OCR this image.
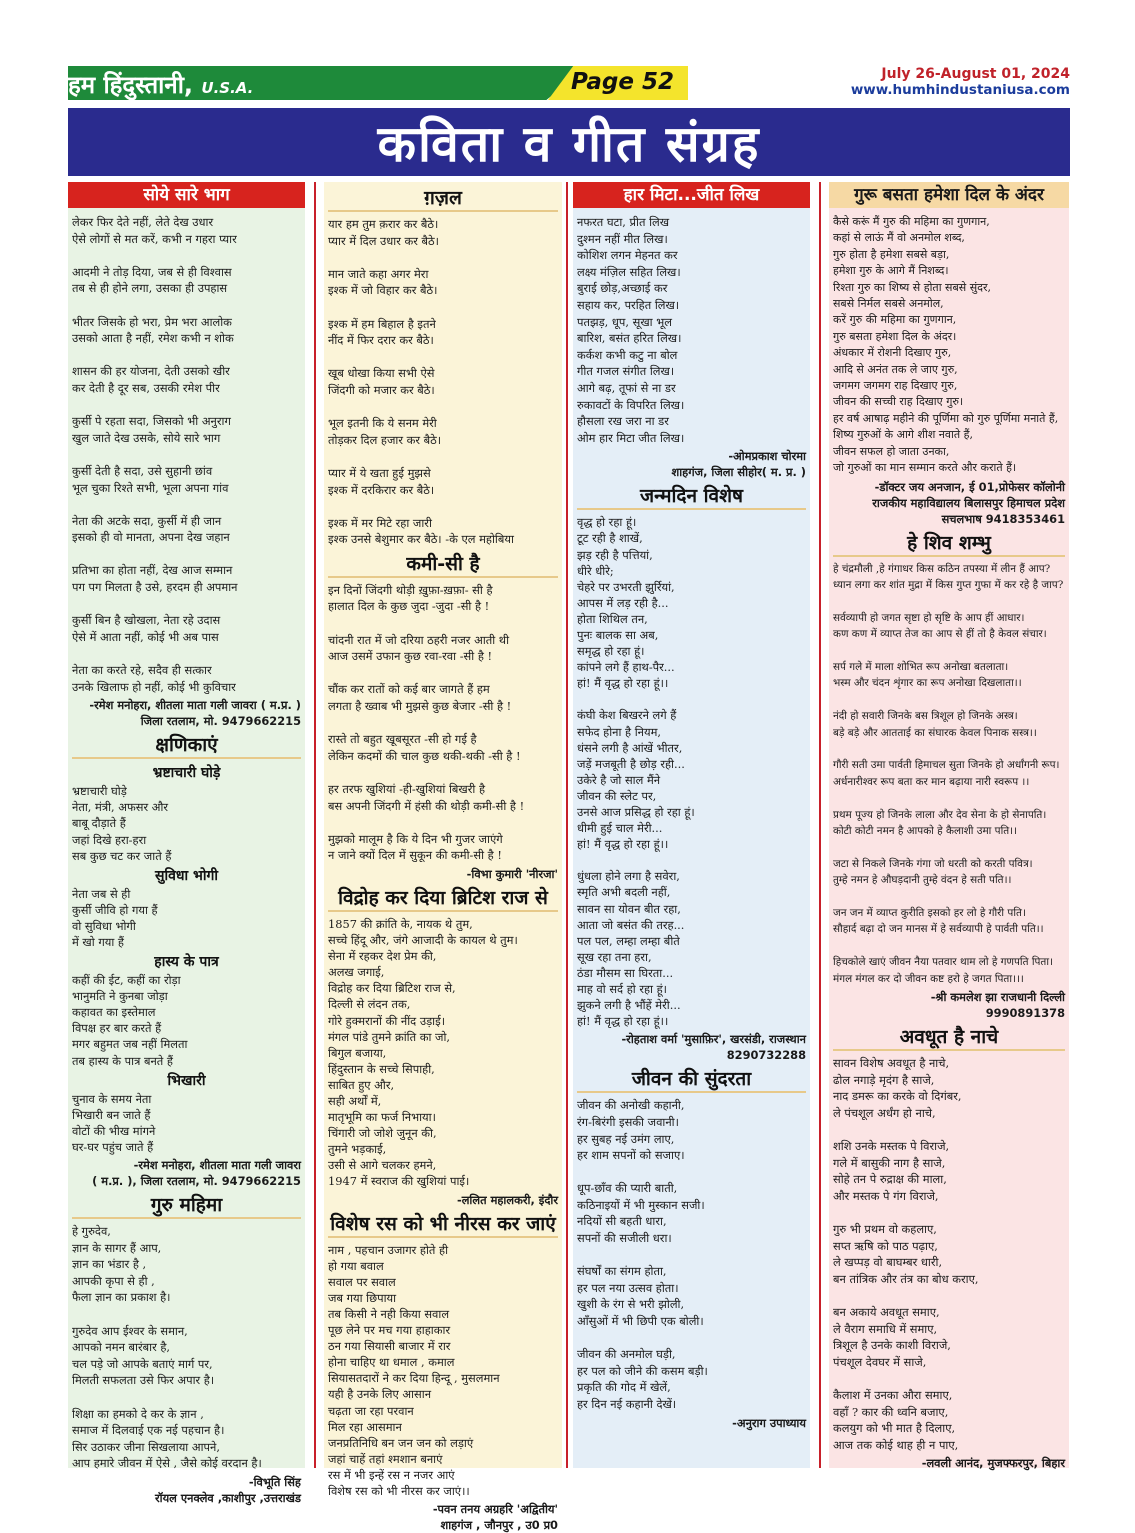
हम हिंदुस्तानी, U.S.A.	Page 52	July 26-August 01, 2024
www.humhindustaniusa.com
कविता व गीत संग्रह
सोये सारे भाग
लेकर फिर देते नहीं, लेते देख उधार
ऐसे लोगों से मत करें, कभी न गहरा प्यार

आदमी ने तोड़ दिया, जब से ही विश्वास
तब से ही होने लगा, उसका ही उपहास

भीतर जिसके हो भरा, प्रेम भरा आलोक
उसको आता है नहीं, रमेश कभी न शोक

शासन की हर योजना, देती उसको खीर
कर देती है दूर सब, उसकी रमेश पीर

कुर्सी पे रहता सदा, जिसको भी अनुराग
खुल जाते देख उसके, सोये सारे भाग

कुर्सी देती है सदा, उसे सुहानी छांव
भूल चुका रिश्ते सभी, भूला अपना गांव

नेता की अटके सदा, कुर्सी में ही जान
इसको ही वो मानता, अपना देख जहान

प्रतिभा का होता नहीं, देख आज सम्मान
पग पग मिलता है उसे, हरदम ही अपमान

कुर्सी बिन है खोखला, नेता रहे उदास
ऐसे में आता नहीं, कोई भी अब पास

नेता का करते रहे, सदैव ही सत्कार
उनके खिलाफ हो नहीं, कोई भी कुविचार
-रमेश मनोहरा, शीतला माता गली जावरा ( म.प्र. )
जिला रतलाम, मो. 9479662215
क्षणिकाएं
भ्रष्टाचारी घोड़े
भ्रष्टाचारी घोड़े
नेता, मंत्री, अफसर और
बाबू दौड़ाते हैं
जहां दिखे हरा-हरा
सब कुछ चट कर जाते हैं
सुविधा भोगी
नेता जब से ही
कुर्सी जीवि हो गया हैं
वो सुविधा भोगी
में खो गया हैं
हास्य के पात्र
कहीं की ईट, कहीं का रोड़ा
भानुमति ने कुनबा जोड़ा
कहावत का इस्तेमाल
विपक्ष हर बार करते हैं
मगर बहुमत जब नहीं मिलता
तब हास्य के पात्र बनते हैं
भिखारी
चुनाव के समय नेता
भिखारी बन जाते हैं
वोटों की भीख मांगने
घर-घर पहुंच जाते हैं
-रमेश मनोहरा, शीतला माता गली जावरा
( म.प्र. ), जिला रतलाम, मो. 9479662215
गुरु महिमा
हे गुरुदेव,
ज्ञान के सागर हैं आप,
ज्ञान का भंडार है ,
आपकी कृपा से ही ,
फैला ज्ञान का प्रकाश है।

गुरुदेव आप ईश्वर के समान,
आपको नमन बारंबार है,
चल पड़े जो आपके बताएं मार्ग पर,
मिलती सफलता उसे फिर अपार है।

शिक्षा का हमको दे कर के ज्ञान ,
समाज में दिलवाई एक नई पहचान है।
सिर उठाकर जीना सिखलाया आपने,
आप हमारे जीवन में ऐसे , जैसे कोई वरदान है।
-विभूति सिंह
रॉयल एनक्लेव ,काशीपुर ,उत्तराखंड
ग़ज़ल
यार हम तुम क़रार कर बैठे।
प्यार में दिल उधार कर बैठे।

मान जाते कहा अगर मेरा
इश्क में जो विहार कर बैठे।

इश्क में हम बिहाल है इतने
नींद में फिर दरार कर बैठे।

खूब धोखा किया सभी ऐसे
जिंदगी को मजार कर बैठे।

भूल इतनी कि ये सनम मेरी
तोड़कर दिल हजार कर बैठे।

प्यार में ये खता हुई मुझसे
इश्क में दरकिरार कर बैठे।

इश्क में मर मिटे रहा जारी
इश्क उनसे बेशुमार कर बैठे। -के एल महोबिया
कमी-सी है
इन दिनों जिंदगी थोड़ी ख़ुफ़ा-ख़फ़ा- सी है
हालात दिल के कुछ जुदा -जुदा -सी है !

चांदनी रात में जो दरिया ठहरी नजर आती थी
आज उसमें उफान कुछ रवा-रवा -सी है !

चौंक कर रातों को कई बार जागते हैं हम
लगता है ख्वाब भी मुझसे कुछ बेजार -सी है !

रास्ते तो बहुत खूबसूरत -सी हो गई है
लेकिन कदमों की चाल कुछ थकी-थकी -सी है !

हर तरफ खुशियां -ही-खुशियां बिखरी है
बस अपनी जिंदगी में हंसी की थोड़ी कमी-सी है !

मुझको मालूम है कि ये दिन भी गुजर जाएंगे
न जाने क्यों दिल में सुकून की कमी-सी है !
-विभा कुमारी 'नीरजा'
विद्रोह कर दिया ब्रिटिश राज से
1857 की क्रांति के, नायक थे तुम,
सच्चे हिंदू और, जंगे आजादी के कायल थे तुम।
सेना में रहकर देश प्रेम की,
अलख जगाई,
विद्रोह कर दिया ब्रिटिश राज से,
दिल्ली से लंदन तक,
गोरे हुक्मरानों की नींद उड़ाई।
मंगल पांडे तुमने क्रांति का जो,
बिगुल बजाया,
हिंदुस्तान के सच्चे सिपाही,
साबित हुए और,
सही अर्थों में,
मातृभूमि का फर्ज निभाया।
चिंगारी जो जोशे जुनून की,
तुमने भड़काई,
उसी से आगे चलकर हमने,
1947 में स्वराज की खुशियां पाई।
-ललित महालकरी, इंदौर
विशेष रस को भी नीरस कर जाएं
नाम , पहचान उजागर होते ही
हो गया बवाल
सवाल पर सवाल
जब गया छिपाया
तब किसी ने नही किया सवाल
पूछ लेने पर मच गया हाहाकार
ठन गया सियासी बाजार में रार
होना चाहिए था धमाल , कमाल
सियासतदारों ने कर दिया हिन्दू , मुसलमान
यही है उनके लिए आसान
चढ़ता जा रहा परवान
मिल रहा आसमान
जनप्रतिनिधि बन जन जन को लड़ाएं
जहां चाहें तहां श्मशान बनाएं
रस में भी इन्हें रस न नजर आएं
विशेष रस को भी नीरस कर जाएं।।
-पवन तनय अग्रहरि 'अद्वितीय'
शाहगंज , जौनपुर , उ0 प्र0
हार मिटा...जीत लिख
नफरत घटा, प्रीत लिख
दुश्मन नहीं मीत लिख।
कोशिश लगन मेहनत कर
लक्ष्य मंज़िल सहित लिख।
बुराई छोड़,अच्छाई कर
सहाय कर, परहित लिख।
पतझड़, धूप, सूखा भूल
बारिश, बसंत हरित लिख।
कर्कश कभी कटु ना बोल
गीत गजल संगीत लिख।
आगे बढ़, तूफां से ना डर
रुकावटों के विपरित लिख।
हौसला रख जरा ना डर
ओम हार मिटा जीत लिख।
-ओमप्रकाश चोरमा
शाहगंज, जिला सीहोर( म. प्र. )
जन्मदिन विशेष
वृद्ध हो रहा हूं।
टूट रही है शाखें,
झड़ रही है पत्तियां,
धीरे धीरे;
चेहरे पर उभरती झुर्रियां,
आपस में लड़ रही है...
होता शिथिल तन,
पुनः बालक सा अब,
समृद्ध हो रहा हूं।
कांपने लगे हैं हाथ-पैर...
हां! मैं वृद्ध हो रहा हूं।।

कंघी केश बिखरने लगे हैं
सफेद होना है नियम,
धंसने लगी है आंखें भीतर,
जड़ें मजबूती है छोड़ रही...
उकेरे है जो साल मैंने
जीवन की स्लेट पर,
उनसे आज प्रसिद्ध हो रहा हूं।
धीमी हुई चाल मेरी...
हां! मैं वृद्ध हो रहा हूं।।

धुंधला होने लगा है सवेरा,
स्मृति अभी बदली नहीं,
सावन सा योवन बीत रहा,
आता जो बसंत की तरह...
पल पल, लम्हा लम्हा बीते
सूख रहा तना हरा,
ठंडा मौसम सा घिरता...
माह वो सर्द हो रहा हूं।
झुकने लगी है भौंहें मेरी...
हां! मैं वृद्ध हो रहा हूं।।
-रोहताश वर्मा 'मुसाफ़िर', खरसंडी, राजस्थान
8290732288
जीवन की सुंदरता
जीवन की अनोखी कहानी,
रंग-बिरंगी इसकी जवानी।
हर सुबह नई उमंग लाए,
हर शाम सपनों को सजाए।

धूप-छाँव की प्यारी बाती,
कठिनाइयों में भी मुस्कान सजी।
नदियों सी बहती धारा,
सपनों की सजीली धरा।

संघर्षों का संगम होता,
हर पल नया उत्सव होता।
खुशी के रंग से भरी झोली,
आँसुओं में भी छिपी एक बोली।

जीवन की अनमोल घड़ी,
हर पल को जीने की कसम बड़ी।
प्रकृति की गोद में खेलें,
हर दिन नई कहानी देखें।
-अनुराग उपाध्याय
गुरू बसता हमेशा दिल के अंदर
कैसे करूं मैं गुरु की महिमा का गुणगान,
कहां से लाऊं मैं वो अनमोल शब्द,
गुरु होता है हमेशा सबसे बड़ा,
हमेशा गुरु के आगे मैं निशब्द।
रिश्ता गुरु का शिष्य से होता सबसे सुंदर,
सबसे निर्मल सबसे अनमोल,
करें गुरु की महिमा का गुणगान,
गुरु बसता हमेशा दिल के अंदर।
अंधकार में रोशनी दिखाए गुरु,
आदि से अनंत तक ले जाए गुरु,
जगमग जगमग राह दिखाए गुरु,
जीवन की सच्ची राह दिखाए गुरु।
हर वर्ष आषाढ़ महीने की पूर्णिमा को गुरु पूर्णिमा मनाते हैं,
शिष्य गुरुओं के आगे शीश नवाते हैं,
जीवन सफल हो जाता उनका,
जो गुरुओं का मान सम्मान करते और कराते हैं।
-डॉक्टर जय अनजान, ई 01,प्रोफेसर कॉलोनी
राजकीय महाविद्यालय बिलासपुर हिमाचल प्रदेश
सचलभाष 9418353461
हे शिव शम्भु
हे चंद्रमौली ,हे गंगाधर किस कठिन तपस्या में लीन हैं आप?
ध्यान लगा कर शांत मुद्रा में किस गुप्त गुफा में कर रहे है जाप?

सर्वव्यापी हो जगत सृष्टा हो सृष्टि के आप हीं आधार।
कण कण में व्याप्त तेज का आप से हीं तो है केवल संचार।

सर्प गले में माला शोभित रूप अनोखा बतलाता।
भस्म और चंदन शृंगार का रूप अनोखा दिखलाता।।

नंदी हो सवारी जिनके बस त्रिशूल हो जिनके अस्त्र।
बड़े बड़े और आतताई का संघारक केवल पिनाक सस्त्र।।

गौरी सती उमा पार्वती हिमाचल सुता जिनके हो अर्धांगनी रूप।
अर्धनारीश्वर रूप बता कर मान बढ़ाया नारी स्वरूप ।।

प्रथम पूज्य हो जिनके लाला और देव सेना के हो सेनापति।
कोटी कोटी नमन है आपको हे कैलाशी उमा पति।।

जटा से निकले जिनके गंगा जो धरती को करती पवित्र।
तुम्हे नमन हे औघड़दानी तुम्हे वंदन हे सती पति।।

जन जन में व्याप्त कुरीति इसको हर लो हे गौरी पति।
सौहार्द बढ़ा दो जन मानस में हे सर्वव्यापी हे पार्वती पति।।

हिचकोले खाएं जीवन नैया पतवार थाम लो हे गणपति पिता।
मंगल मंगल कर दो जीवन कष्ट हरो हे जगत पिता।।।
-श्री कमलेश झा राजधानी दिल्ली
9990891378
अवधूत है नाचे
सावन विशेष अवधूत है नाचे,
ढोल नगाड़े मृदंग है साजे,
नाद डमरू का करके वो दिगंबर,
ले पंचशूल अर्धंग हो नाचे,

शशि उनके मस्तक पे विराजे,
गले में बासुकी नाग है साजे,
सोहे तन पे रुद्राक्ष की माला,
और मस्तक पे गंग विराजे,

गुरु भी प्रथम वो कहलाए,
सप्त ऋषि को पाठ पढ़ाए,
ले खप्पड़ वो बाघम्बर धारी,
बन तांत्रिक और तंत्र का बोध कराए,

बन अकाये अवधूत समाए,
ले वैराग समाधि में समाए,
त्रिशूल है उनके काशी विराजे,
पंचशूल देवघर में साजे,

कैलाश में उनका औरा समाए,
वहाँ ? कार की ध्वनि बजाए,
कलयुग को भी मात है दिलाए,
आज तक कोई थाह ही न पाए,
-लवली आनंद, मुजफ्फरपुर, बिहार
